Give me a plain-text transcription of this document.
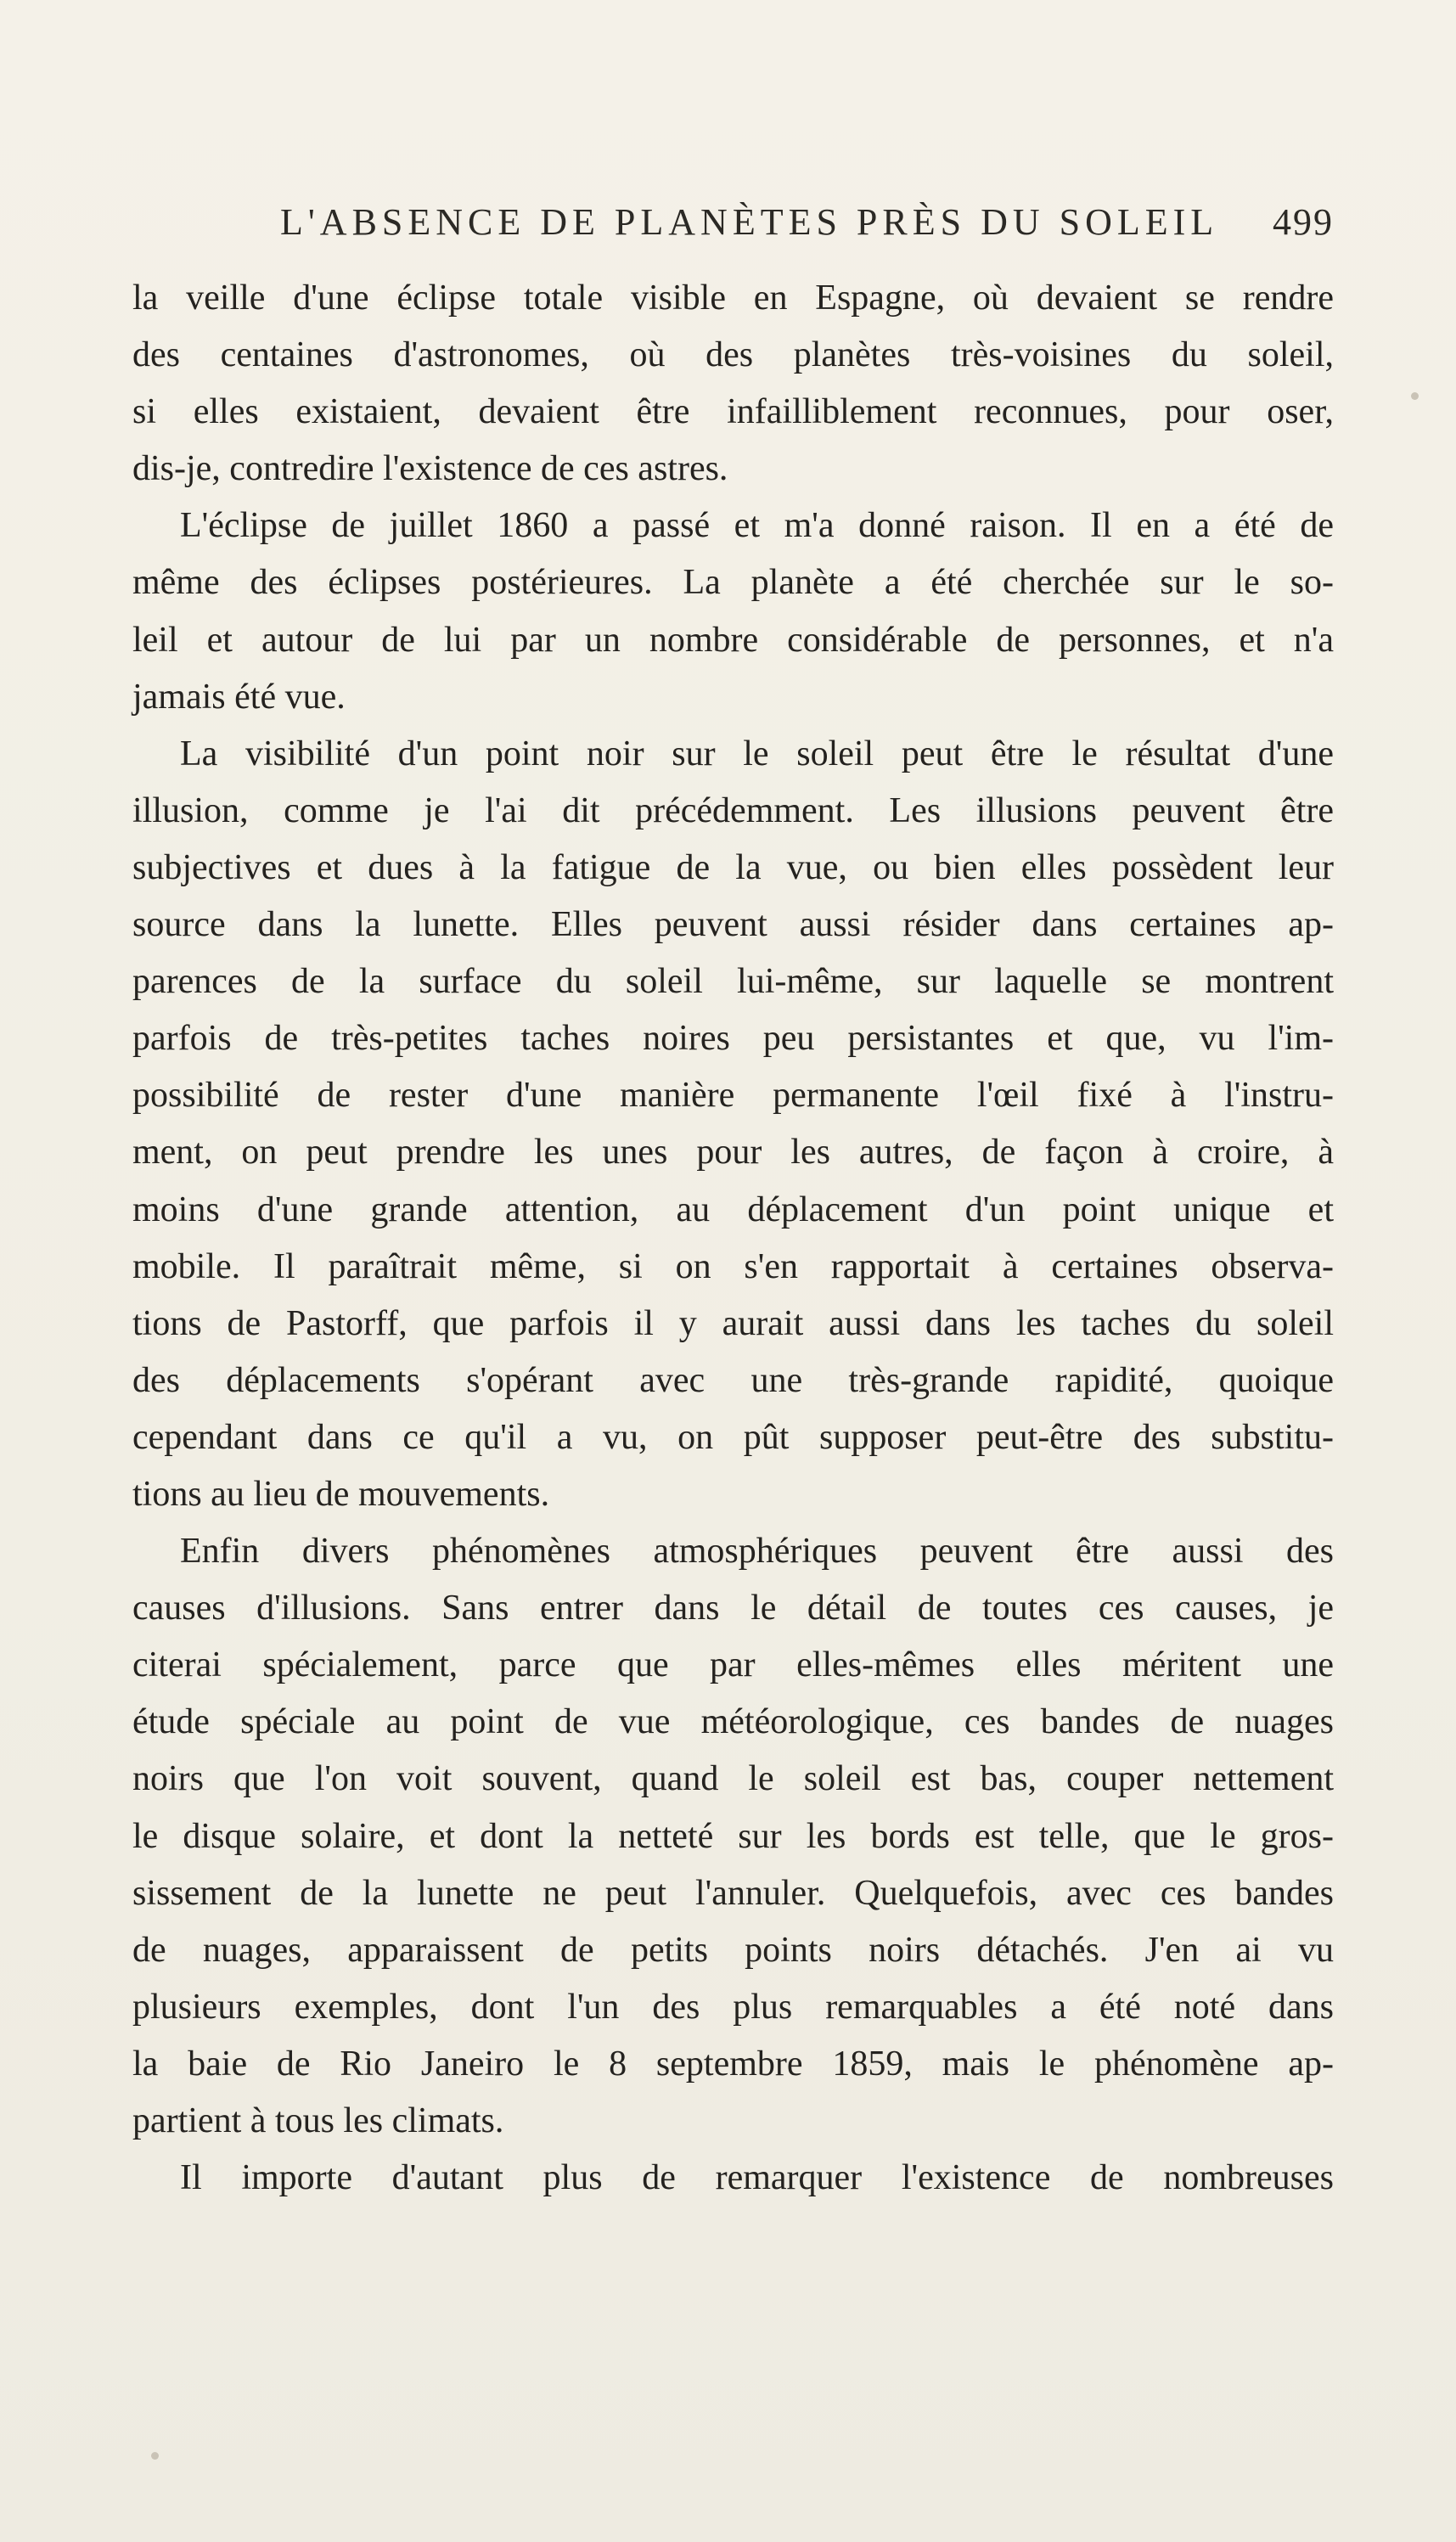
L'ABSENCE DE PLANÈTES PRÈS DU SOLEIL 499
la veille d'une éclipse totale visible en Espagne, où devaient se rendre
des centaines d'astronomes, où des planètes très-voisines du soleil,
si elles existaient, devaient être infailliblement reconnues, pour oser,
dis-je, contredire l'existence de ces astres.
L'éclipse de juillet 1860 a passé et m'a donné raison. Il en a été de
même des éclipses postérieures. La planète a été cherchée sur le so-
leil et autour de lui par un nombre considérable de personnes, et n'a
jamais été vue.
La visibilité d'un point noir sur le soleil peut être le résultat d'une
illusion, comme je l'ai dit précédemment. Les illusions peuvent être
subjectives et dues à la fatigue de la vue, ou bien elles possèdent leur
source dans la lunette. Elles peuvent aussi résider dans certaines ap-
parences de la surface du soleil lui-même, sur laquelle se montrent
parfois de très-petites taches noires peu persistantes et que, vu l'im-
possibilité de rester d'une manière permanente l'œil fixé à l'instru-
ment, on peut prendre les unes pour les autres, de façon à croire, à
moins d'une grande attention, au déplacement d'un point unique et
mobile. Il paraîtrait même, si on s'en rapportait à certaines observa-
tions de Pastorff, que parfois il y aurait aussi dans les taches du soleil
des déplacements s'opérant avec une très-grande rapidité, quoique
cependant dans ce qu'il a vu, on pût supposer peut-être des substitu-
tions au lieu de mouvements.
Enfin divers phénomènes atmosphériques peuvent être aussi des
causes d'illusions. Sans entrer dans le détail de toutes ces causes, je
citerai spécialement, parce que par elles-mêmes elles méritent une
étude spéciale au point de vue météorologique, ces bandes de nuages
noirs que l'on voit souvent, quand le soleil est bas, couper nettement
le disque solaire, et dont la netteté sur les bords est telle, que le gros-
sissement de la lunette ne peut l'annuler. Quelquefois, avec ces bandes
de nuages, apparaissent de petits points noirs détachés. J'en ai vu
plusieurs exemples, dont l'un des plus remarquables a été noté dans
la baie de Rio Janeiro le 8 septembre 1859, mais le phénomène ap-
partient à tous les climats.
Il importe d'autant plus de remarquer l'existence de nombreuses
